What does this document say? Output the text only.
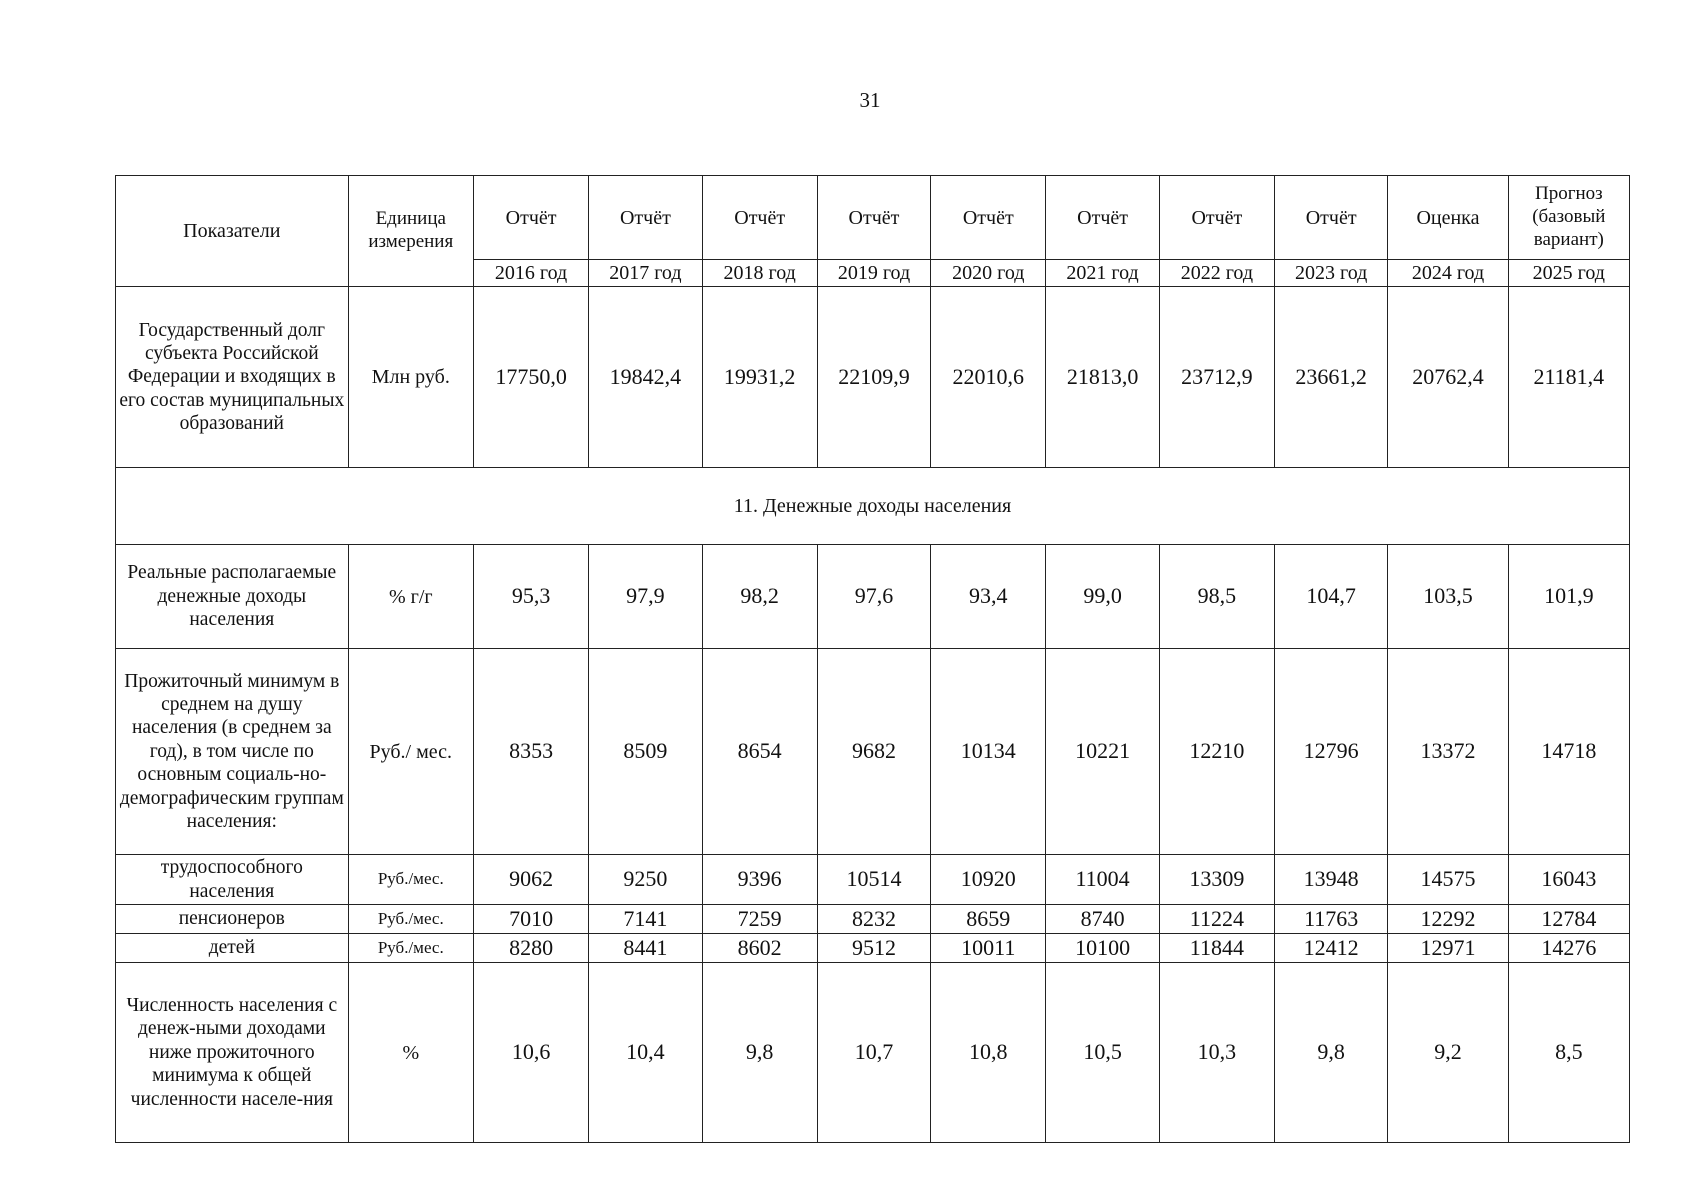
31
Показатели	Единица измерения	Отчёт	Отчёт	Отчёт	Отчёт	Отчёт	Отчёт	Отчёт	Отчёт	Оценка	Прогноз (базовый вариант)
		2016 год	2017 год	2018 год	2019 год	2020 год	2021 год	2022 год	2023 год	2024 год	2025 год
Государственный долг субъекта Российской Федерации и входящих в его состав муниципальных образований	Млн руб.	17750,0	19842,4	19931,2	22109,9	22010,6	21813,0	23712,9	23661,2	20762,4	21181,4
11. Денежные доходы населения											
Реальные располагаемые денежные доходы населения	% г/г	95,3	97,9	98,2	97,6	93,4	99,0	98,5	104,7	103,5	101,9
Прожиточный минимум в среднем на душу населения (в среднем за год), в том числе по основным социаль-но-демографическим группам населения:	Руб./ мес.	8353	8509	8654	9682	10134	10221	12210	12796	13372	14718
трудоспособного населения	Руб./мес.	9062	9250	9396	10514	10920	11004	13309	13948	14575	16043
пенсионеров	Руб./мес.	7010	7141	7259	8232	8659	8740	11224	11763	12292	12784
детей	Руб./мес.	8280	8441	8602	9512	10011	10100	11844	12412	12971	14276
Численность населения с денеж-ными доходами ниже прожиточного минимума к общей численности населе-ния	%	10,6	10,4	9,8	10,7	10,8	10,5	10,3	9,8	9,2	8,5
